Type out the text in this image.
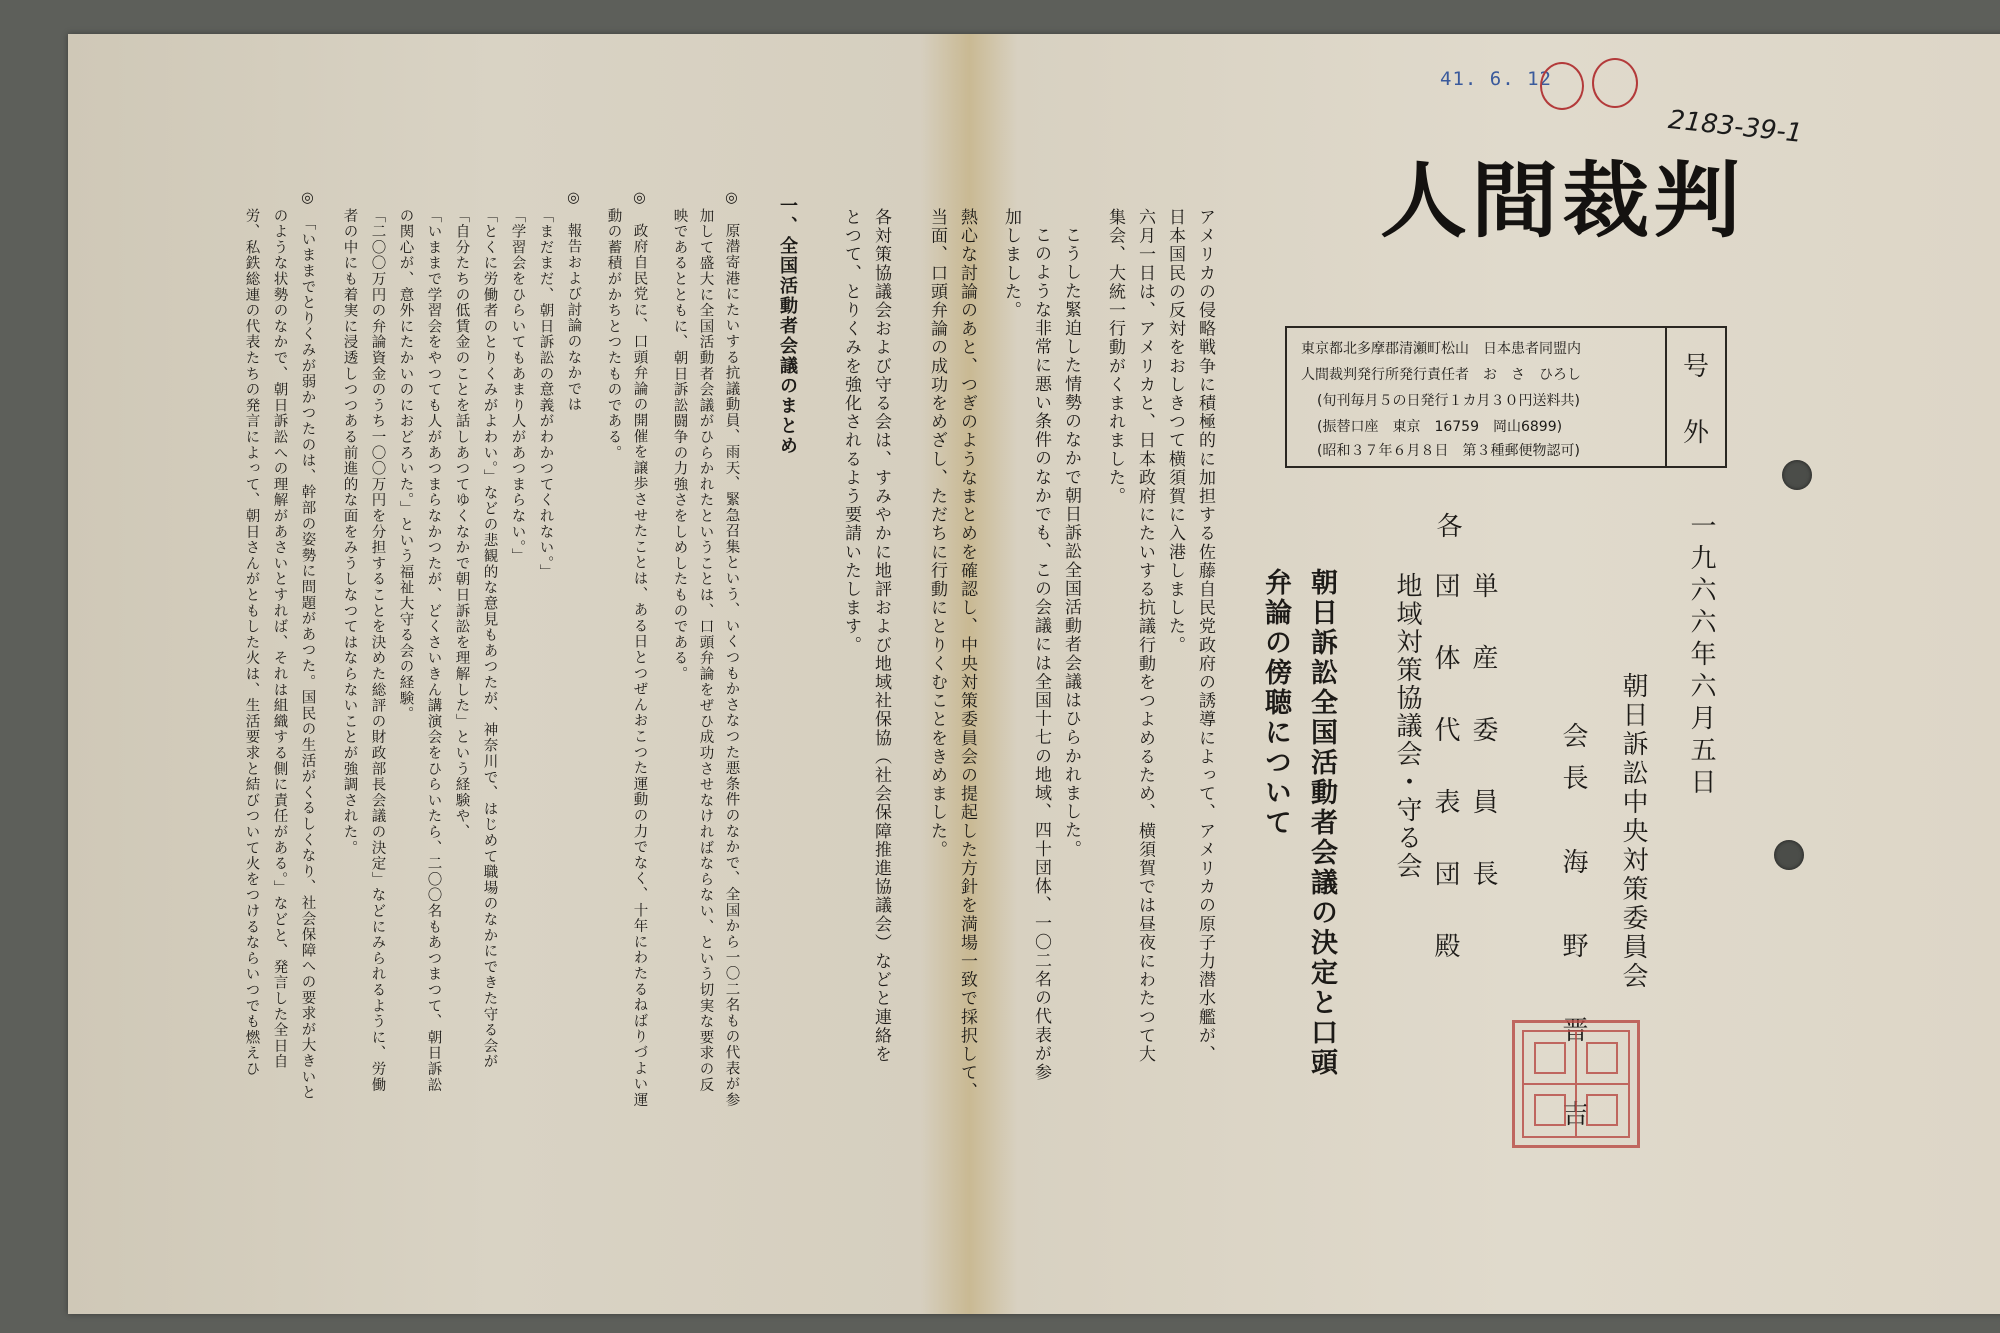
41. 6. 12
2183-39-1
人間裁判
東京都北多摩郡清瀬町松山　日本患者同盟内
人間裁判発行所発行責任者　お　さ　ひろし
(旬刊毎月５の日発行１カ月３０円送料共)
(振替口座　東京　16759　岡山6899)
(昭和３７年６月８日　第３種郵便物認可)
号
外
一九六六年六月五日
朝日訴訟中央対策委員会
会長　海　野　晋　吉
各
単　産　委　員　長
団　体　代　表　団　殿
地域対策協議会・守る会
朝日訴訟全国活動者会議の決定と口頭
弁論の傍聴について
アメリカの侵略戦争に積極的に加担する佐藤自民党政府の誘導によって、アメリカの原子力潜水艦が、
日本国民の反対をおしきつて横須賀に入港しました。
六月一日は、アメリカと、日本政府にたいする抗議行動をつよめるため、横須賀では昼夜にわたつて大
集会、大統一行動がくまれました。
こうした緊迫した情勢のなかで朝日訴訟全国活動者会議はひらかれました。
このような非常に悪い条件のなかでも、この会議には全国十七の地域、四十団体、一〇二名の代表が参
加しました。
熱心な討論のあと、つぎのようなまとめを確認し、中央対策委員会の提起した方針を満場一致で採択して、
当面、口頭弁論の成功をめざし、ただちに行動にとりくむことをきめました。
各対策協議会および守る会は、すみやかに地評および地域社保協（社会保障推進協議会）などと連絡を
とつて、とりくみを強化されるよう要請いたします。
一、全国活動者会議のまとめ
◎　原潜寄港にたいする抗議動員、雨天、緊急召集という、いくつもかさなつた悪条件のなかで、全国から一〇二名もの代表が参
加して盛大に全国活動者会議がひらかれたということは、口頭弁論をぜひ成功させなければならない、という切実な要求の反
映であるとともに、朝日訴訟闘争の力強さをしめしたものである。
◎　政府自民党に、口頭弁論の開催を譲歩させたことは、ある日とつぜんおこつた運動の力でなく、十年にわたるねばりづよい運
動の蓄積がかちとつたものである。
◎　報告および討論のなかでは
「まだまだ、朝日訴訟の意義がわかつてくれない。」
「学習会をひらいてもあまり人があつまらない。」
「とくに労働者のとりくみがよわい。」などの悲観的な意見もあつたが、神奈川で、はじめて職場のなかにできた守る会が
「自分たちの低賃金のことを話しあつてゆくなかで朝日訴訟を理解した」という経験や、
「いままで学習会をやつても人があつまらなかつたが、どくさいきん講演会をひらいたら、二〇〇名もあつまつて、朝日訴訟
の関心が、意外にたかいのにおどろいた。」という福祉大守る会の経験。
「二〇〇万円の弁論資金のうち一〇〇万円を分担することを決めた総評の財政部長会議の決定」などにみられるように、労働
者の中にも着実に浸透しつつある前進的な面をみうしなつてはならないことが強調された。
◎　「いままでとりくみが弱かつたのは、幹部の姿勢に問題があつた。国民の生活がくるしくなり、社会保障への要求が大きいと
のような状勢のなかで、朝日訴訟への理解があさいとすれば、それは組織する側に責任がある。」などと、発言した全日自
労、私鉄総連の代表たちの発言によって、朝日さんがともした火は、生活要求と結びついて火をつけるならいつでも燃えひ
